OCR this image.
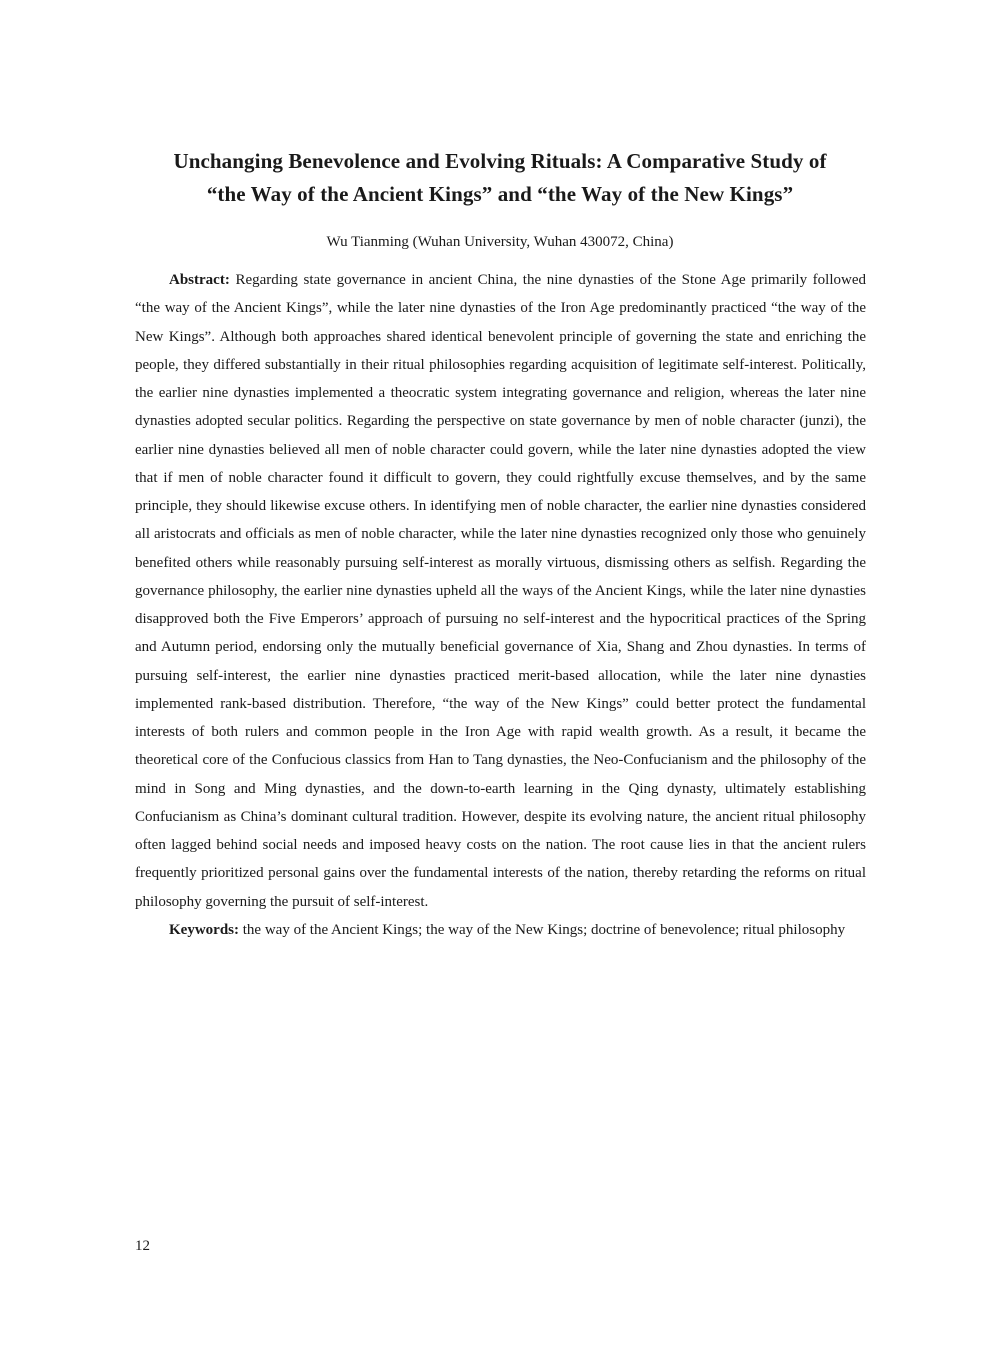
Unchanging Benevolence and Evolving Rituals: A Comparative Study of
“the Way of the Ancient Kings” and “the Way of the New Kings”

Wu Tianming (Wuhan University, Wuhan 430072, China)

Abstract: Regarding state governance in ancient China, the nine dynasties of the Stone Age primarily followed “the way of the Ancient Kings”, while the later nine dynasties of the Iron Age predominantly practiced “the way of the New Kings”. Although both approaches shared identical benevolent principle of governing the state and enriching the people, they differed substantially in their ritual philosophies regarding acquisition of legitimate self-interest. Politically, the earlier nine dynasties implemented a theocratic system integrating governance and religion, whereas the later nine dynasties adopted secular politics. Regarding the perspective on state governance by men of noble character (junzi), the earlier nine dynasties believed all men of noble character could govern, while the later nine dynasties adopted the view that if men of noble character found it difficult to govern, they could rightfully excuse themselves, and by the same principle, they should likewise excuse others. In identifying men of noble character, the earlier nine dynasties considered all aristocrats and officials as men of noble character, while the later nine dynasties recognized only those who genuinely benefited others while reasonably pursuing self-interest as morally virtuous, dismissing others as selfish. Regarding the governance philosophy, the earlier nine dynasties upheld all the ways of the Ancient Kings, while the later nine dynasties disapproved both the Five Emperors’ approach of pursuing no self-interest and the hypocritical practices of the Spring and Autumn period, endorsing only the mutually beneficial governance of Xia, Shang and Zhou dynasties. In terms of pursuing self-interest, the earlier nine dynasties practiced merit-based allocation, while the later nine dynasties implemented rank-based distribution. Therefore, “the way of the New Kings” could better protect the fundamental interests of both rulers and common people in the Iron Age with rapid wealth growth. As a result, it became the theoretical core of the Confucious classics from Han to Tang dynasties, the Neo-Confucianism and the philosophy of the mind in Song and Ming dynasties, and the down-to-earth learning in the Qing dynasty, ultimately establishing Confucianism as China’s dominant cultural tradition. However, despite its evolving nature, the ancient ritual philosophy often lagged behind social needs and imposed heavy costs on the nation. The root cause lies in that the ancient rulers frequently prioritized personal gains over the fundamental interests of the nation, thereby retarding the reforms on ritual philosophy governing the pursuit of self-interest.

Keywords: the way of the Ancient Kings; the way of the New Kings; doctrine of benevolence; ritual philosophy

12
